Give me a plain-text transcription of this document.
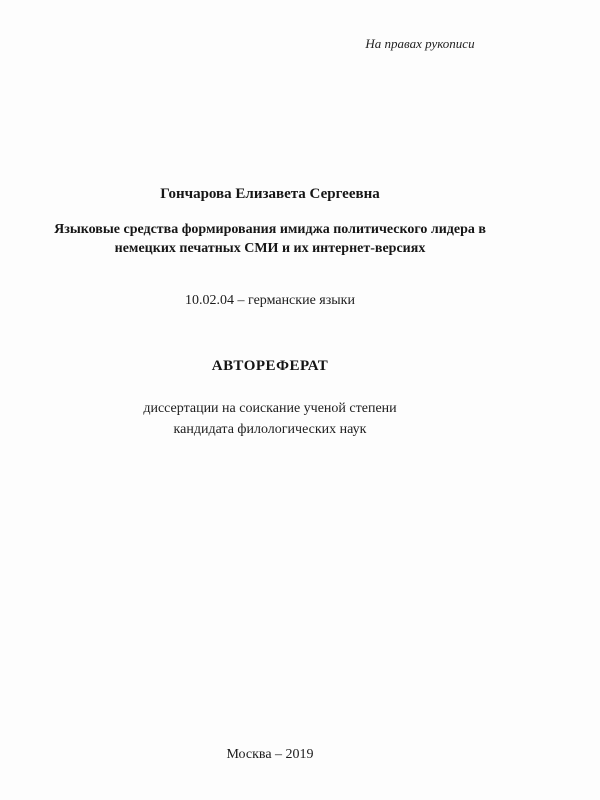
На правах рукописи
Гончарова Елизавета Сергеевна
Языковые средства формирования имиджа политического лидера в
немецких печатных СМИ и их интернет-версиях
10.02.04 – германские языки
АВТОРЕФЕРАТ
диссертации на соискание ученой степени
кандидата филологических наук
Москва – 2019
